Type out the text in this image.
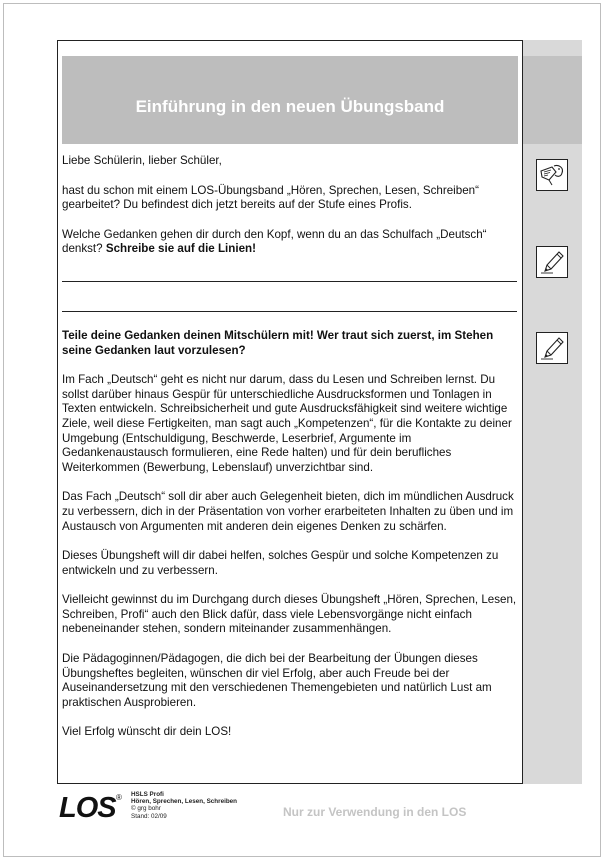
Einführung in den neuen Übungsband

Liebe Schülerin, lieber Schüler,

hast du schon mit einem LOS-Übungsband „Hören, Sprechen, Lesen, Schreiben“ gearbeitet? Du befindest dich jetzt bereits auf der Stufe eines Profis.

Welche Gedanken gehen dir durch den Kopf, wenn du an das Schulfach „Deutsch“ denkst? Schreibe sie auf die Linien!

Teile deine Gedanken deinen Mitschülern mit! Wer traut sich zuerst, im Stehen seine Gedanken laut vorzulesen?

Im Fach „Deutsch“ geht es nicht nur darum, dass du Lesen und Schreiben lernst. Du sollst darüber hinaus Gespür für unterschiedliche Ausdrucksformen und Tonlagen in Texten entwickeln. Schreibsicherheit und gute Ausdrucksfähigkeit sind weitere wichtige Ziele, weil diese Fertigkeiten, man sagt auch „Kompetenzen“, für die Kontakte zu deiner Umgebung (Entschuldigung, Beschwerde, Leserbrief, Argumente im Gedankenaustausch formulieren, eine Rede halten) und für dein berufliches Weiterkommen (Bewerbung, Lebenslauf) unverzichtbar sind.

Das Fach „Deutsch“ soll dir aber auch Gelegenheit bieten, dich im mündlichen Ausdruck zu verbessern, dich in der Präsentation von vorher erarbeiteten Inhalten zu üben und im Austausch von Argumenten mit anderen dein eigenes Denken zu schärfen.

Dieses Übungsheft will dir dabei helfen, solches Gespür und solche Kompetenzen zu entwickeln und zu verbessern.

Vielleicht gewinnst du im Durchgang durch dieses Übungsheft „Hören, Sprechen, Lesen, Schreiben, Profi“ auch den Blick dafür, dass viele Lebensvorgänge nicht einfach nebeneinander stehen, sondern miteinander zusammenhängen.

Die Pädagoginnen/Pädagogen, die dich bei der Bearbeitung der Übungen dieses Übungsheftes begleiten, wünschen dir viel Erfolg, aber auch Freude bei der Auseinandersetzung mit den verschiedenen Themengebieten und natürlich Lust am praktischen Ausprobieren.

Viel Erfolg wünscht dir dein LOS!

LOS ® HSLS Profi
Hören, Sprechen, Lesen, Schreiben
© grg bohr
Stand: 02/09	Nur zur Verwendung in den LOS
